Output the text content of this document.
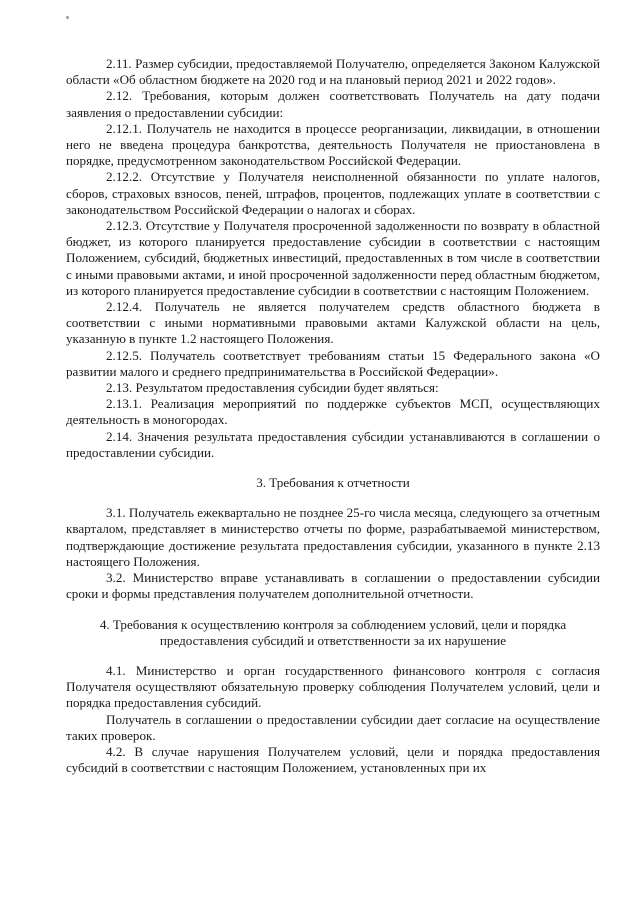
2.11. Размер субсидии, предоставляемой Получателю, определяется Законом Калужской области «Об областном бюджете на 2020 год и на плановый период 2021 и 2022 годов».

2.12. Требования, которым должен соответствовать Получатель на дату подачи заявления о предоставлении субсидии:

2.12.1. Получатель не находится в процессе реорганизации, ликвидации, в отношении него не введена процедура банкротства, деятельность Получателя не приостановлена в порядке, предусмотренном законодательством Российской Федерации.

2.12.2. Отсутствие у Получателя неисполненной обязанности по уплате налогов, сборов, страховых взносов, пеней, штрафов, процентов, подлежащих уплате в соответствии с законодательством Российской Федерации о налогах и сборах.

2.12.3. Отсутствие у Получателя просроченной задолженности по возврату в областной бюджет, из которого планируется предоставление субсидии в соответствии с настоящим Положением, субсидий, бюджетных инвестиций, предоставленных в том числе в соответствии с иными правовыми актами, и иной просроченной задолженности перед областным бюджетом, из которого планируется предоставление субсидии в соответствии с настоящим Положением.

2.12.4. Получатель не является получателем средств областного бюджета в соответствии с иными нормативными правовыми актами Калужской области на цель, указанную в пункте 1.2 настоящего Положения.

2.12.5. Получатель соответствует требованиям статьи 15 Федерального закона «О развитии малого и среднего предпринимательства в Российской Федерации».

2.13. Результатом предоставления субсидии будет являться:

2.13.1. Реализация мероприятий по поддержке субъектов МСП, осуществляющих деятельность в моногородах.

2.14. Значения результата предоставления субсидии устанавливаются в соглашении о предоставлении субсидии.

3. Требования к отчетности

3.1. Получатель ежеквартально не позднее 25-го числа месяца, следующего за отчетным кварталом, представляет в министерство отчеты по форме, разрабатываемой министерством, подтверждающие достижение результата предоставления субсидии, указанного в пункте 2.13 настоящего Положения.

3.2. Министерство вправе устанавливать в соглашении о предоставлении субсидии сроки и формы представления получателем дополнительной отчетности.

4. Требования к осуществлению контроля за соблюдением условий, цели и порядка

предоставления субсидий и ответственности за их нарушение

4.1. Министерство и орган государственного финансового контроля с согласия Получателя осуществляют обязательную проверку соблюдения Получателем условий, цели и порядка предоставления субсидий.

Получатель в соглашении о предоставлении субсидии дает согласие на осуществление таких проверок.

4.2. В случае нарушения Получателем условий, цели и порядка предоставления субсидий в соответствии с настоящим Положением, установленных при их
